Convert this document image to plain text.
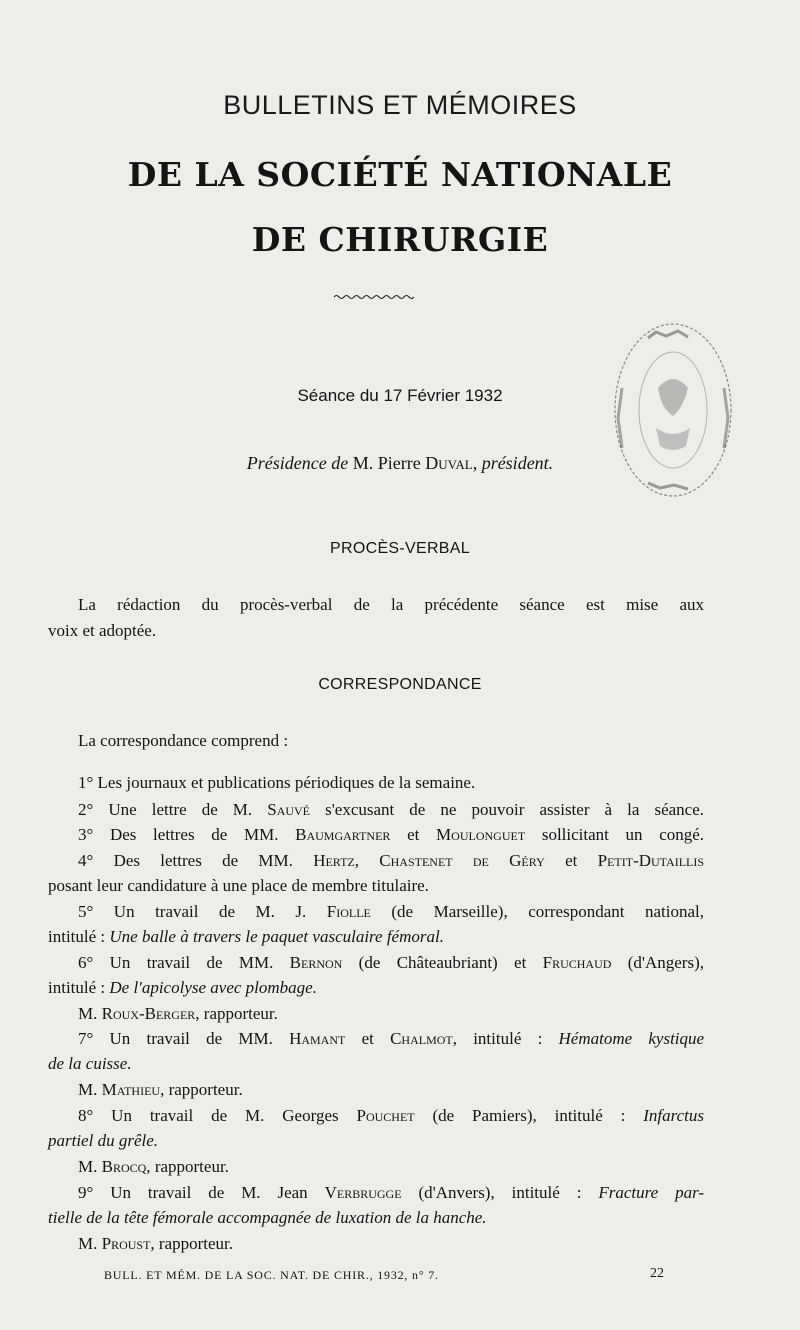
BULLETINS ET MÉMOIRES
DE LA SOCIÉTÉ NATIONALE
DE CHIRURGIE
Séance du 17 Février 1932
Présidence de M. Pierre Duval, président.
PROCÈS-VERBAL
La rédaction du procès-verbal de la précédente séance est mise aux
voix et adoptée.
CORRESPONDANCE
La correspondance comprend :
1° Les journaux et publications périodiques de la semaine.
2° Une lettre de M. Sauvé s'excusant de ne pouvoir assister à la séance.
3° Des lettres de MM. Baumgartner et Moulonguet sollicitant un congé.
4° Des lettres de MM. Hertz, Chastenet de Géry et Petit-Dutaillis
posant leur candidature à une place de membre titulaire.
5° Un travail de M. J. Fiolle (de Marseille), correspondant national,
intitulé : Une balle à travers le paquet vasculaire fémoral.
6° Un travail de MM. Bernon (de Châteaubriant) et Fruchaud (d'Angers),
intitulé : De l'apicolyse avec plombage.
M. Roux-Berger, rapporteur.
7° Un travail de MM. Hamant et Chalmot, intitulé : Hématome kystique
de la cuisse.
M. Mathieu, rapporteur.
8° Un travail de M. Georges Pouchet (de Pamiers), intitulé : Infarctus
partiel du grêle.
M. Brocq, rapporteur.
9° Un travail de M. Jean Verbrugge (d'Anvers), intitulé : Fracture par-
tielle de la tête fémorale accompagnée de luxation de la hanche.
M. Proust, rapporteur.
BULL. ET MÉM. DE LA SOC. NAT. DE CHIR., 1932, n° 7.	22
